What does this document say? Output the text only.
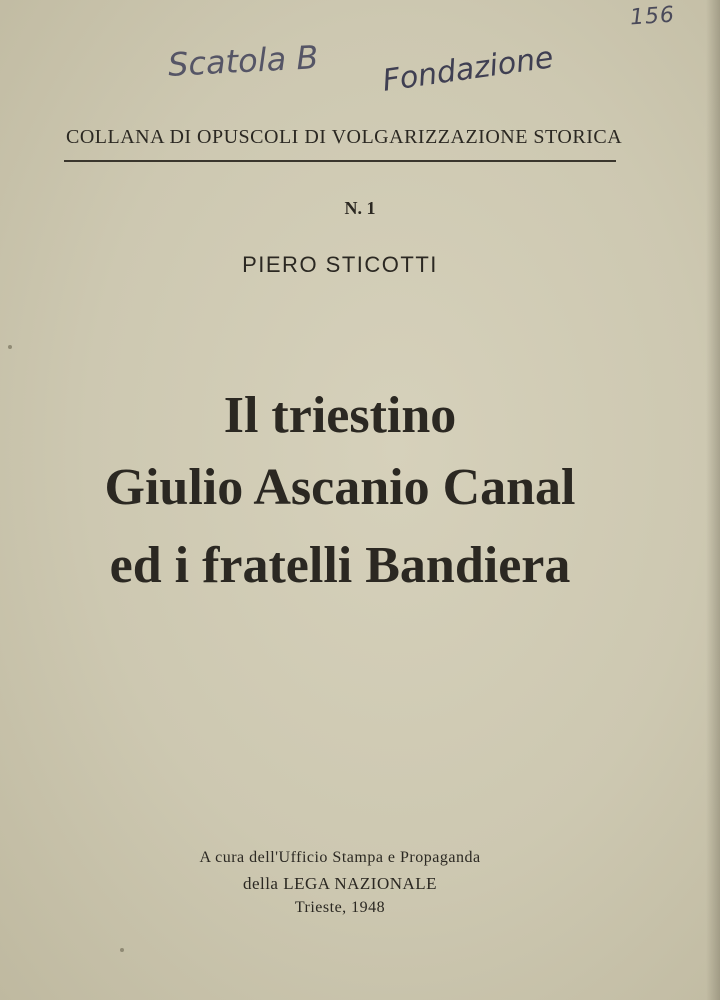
156
Scatola B Fondazione
COLLANA DI OPUSCOLI DI VOLGARIZZAZIONE STORICA
N. 1
PIERO STICOTTI
Il triestino
Giulio Ascanio Canal
ed i fratelli Bandiera
A cura dell'Ufficio Stampa e Propaganda
della LEGA NAZIONALE
Trieste, 1948
